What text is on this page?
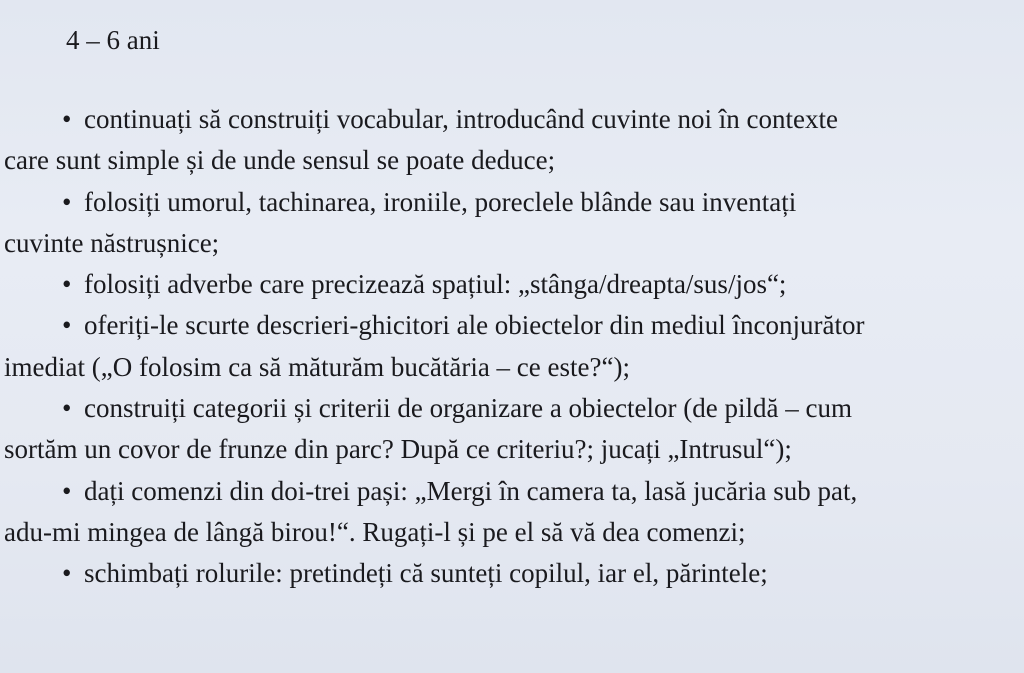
4 – 6 ani
• continuați să construiți vocabular, introducând cuvinte noi în contexte
care sunt simple și de unde sensul se poate deduce;
• folosiți umorul, tachinarea, ironiile, poreclele blânde sau inventați
cuvinte năstrușnice;
• folosiți adverbe care precizează spațiul: „stânga/dreapta/sus/jos“;
• oferiți-le scurte descrieri-ghicitori ale obiectelor din mediul înconjurător
imediat („O folosim ca să măturăm bucătăria – ce este?“);
• construiți categorii și criterii de organizare a obiectelor (de pildă – cum
sortăm un covor de frunze din parc? După ce criteriu?; jucați „Intrusul“);
• dați comenzi din doi-trei pași: „Mergi în camera ta, lasă jucăria sub pat,
adu-mi mingea de lângă birou!“. Rugați-l și pe el să vă dea comenzi;
• schimbați rolurile: pretindeți că sunteți copilul, iar el, părintele;
